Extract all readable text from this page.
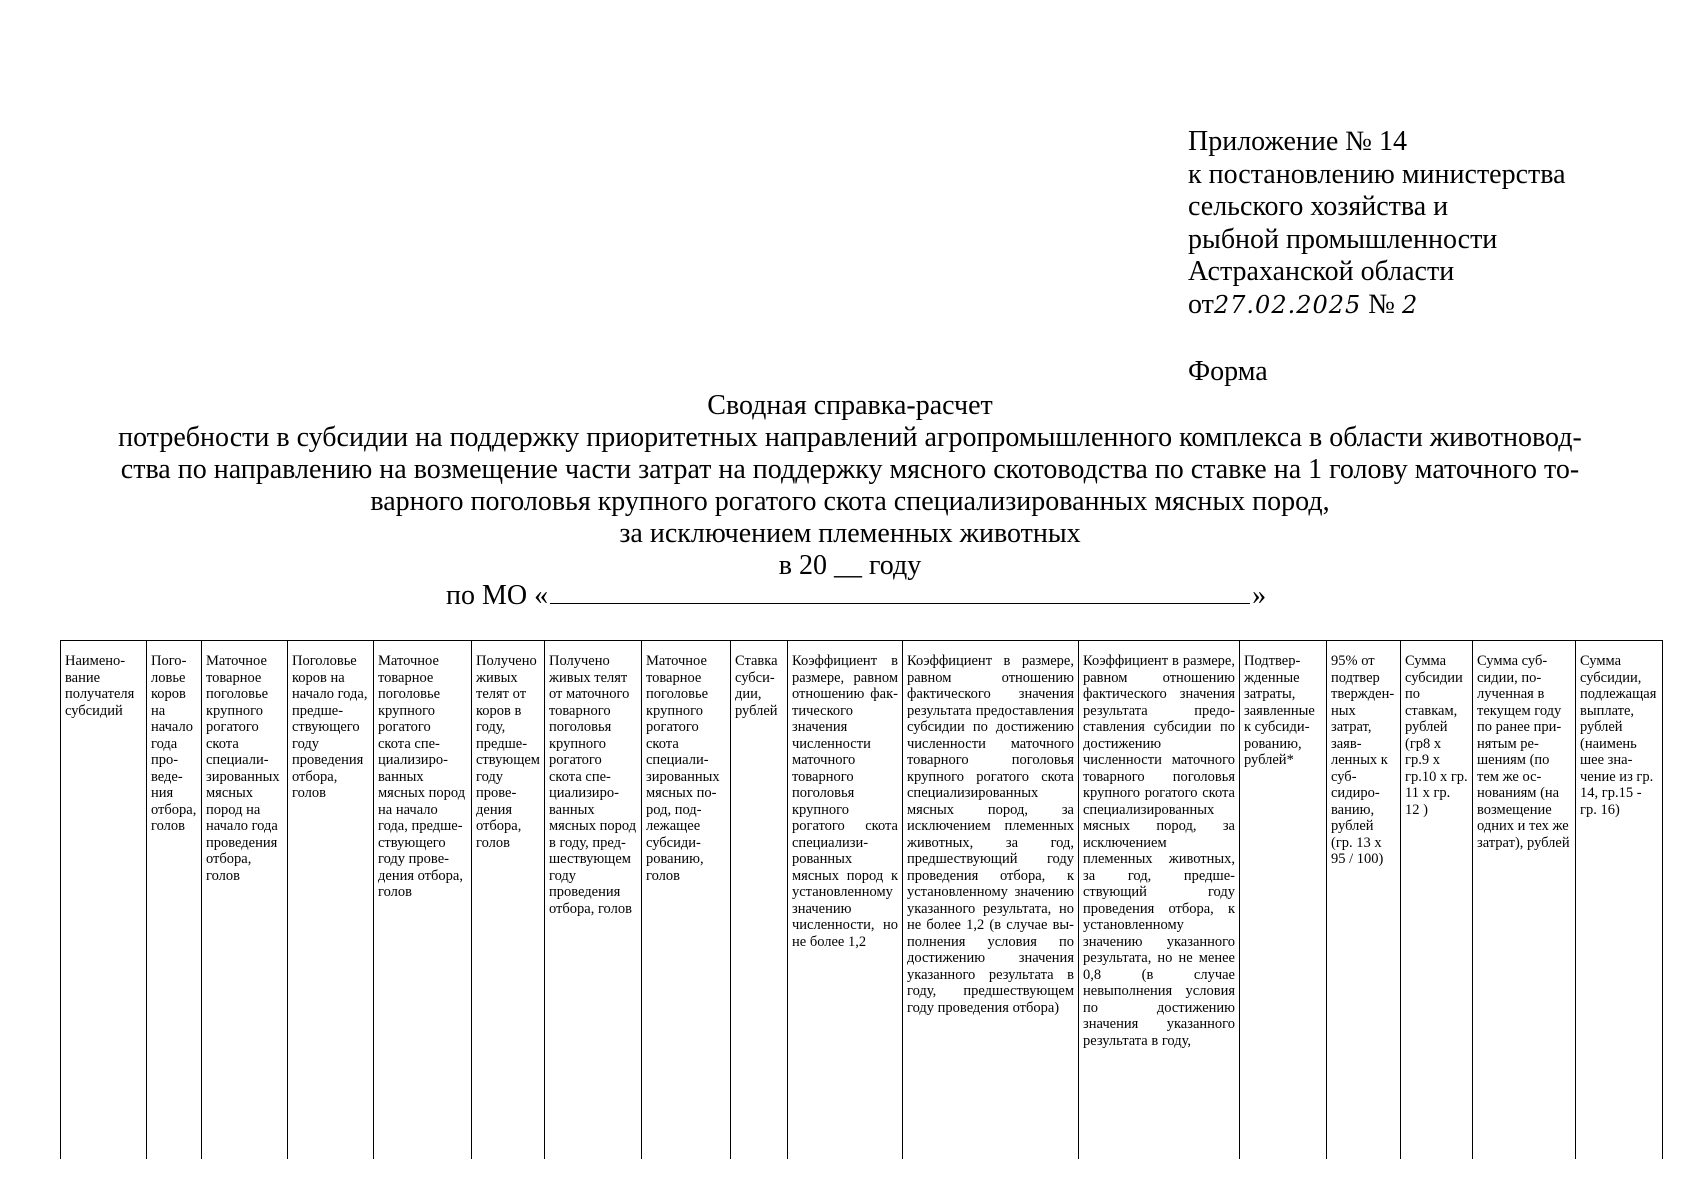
Приложение № 14
к постановлению министерства
сельского хозяйства и
рыбной промышленности
Астраханской области
от27.02.2025 № 2
Форма
Сводная справка-расчет
потребности в субсидии на поддержку приоритетных направлений агропромышленного комплекса в области животновод-
ства по направлению на возмещение части затрат на поддержку мясного скотоводства по ставке на 1 голову маточного то-
варного поголовья крупного рогатого скота специализированных мясных пород,
за исключением племенных животных
в 20 __ году
по МО «	»
Наименование получателя субсидий	Поголовье коров на начало года проведения отбора, голов	Маточное товарное поголовье крупного рогатого скота специализированных мясных пород на начало года проведения отбора, голов	Поголовье коров на начало года, предшествующего году проведения отбора, голов	Маточное товарное поголовье крупного рогатого скота специализированных мясных пород на начало года, предшествующего году проведения отбора, голов	Получено живых телят от коров в году, предшествующем году проведения отбора, голов	Получено живых телят от маточного товарного поголовья крупного рогатого скота специализированных мясных пород в году, предшествующем году проведения отбора, голов	Маточное товарное поголовье крупного рогатого скота специализированных мясных пород, подлежащее субсидированию, голов	Ставка субсидии, рублей	Коэффициент в размере, равном отношению фактического значения численности маточного товарного поголовья крупного рогатого скота специализированных мясных пород к установленному значению численности, но не более 1,2	Коэффициент в размере, равном отношению фактического значения результата предоставления субсидии по достижению численности маточного товарного поголовья крупного рогатого скота специализированных мясных пород, за исключением племенных животных, за год, предшествующий году проведения отбора, к установленному значению указанного результата, но не более 1,2 (в случае выполнения условия по достижению значения указанного результата в году, предшествующем году проведения отбора)	Коэффициент в размере, равном отношению фактического значения результата предоставления субсидии по достижению численности маточного товарного поголовья крупного рогатого скота специализированных мясных пород, за исключением племенных животных, за год, предшествующий году проведения отбора, к установленному значению указанного результата, но не менее 0,8 (в случае невыполнения условия по достижению значения указанного результата в году,	Подтвержденные затраты, заявленные к субсидированию, рублей*	95% от подтвер твержденных затрат, заявленных к субсидированию, рублей (гр. 13 х 95 / 100)	Сумма субсидии по ставкам, рублей (гр8 х гр.9 х гр.10 х гр. 11 х гр. 12 )	Сумма субсидии, полученная в текущем году по ранее принятым решениям (по тем же основаниям (на возмещение одних и тех же затрат), рублей	Сумма субсидии, подлежащая выплате, рублей (наимень шее значение из гр. 14, гр.15 - гр. 16)
